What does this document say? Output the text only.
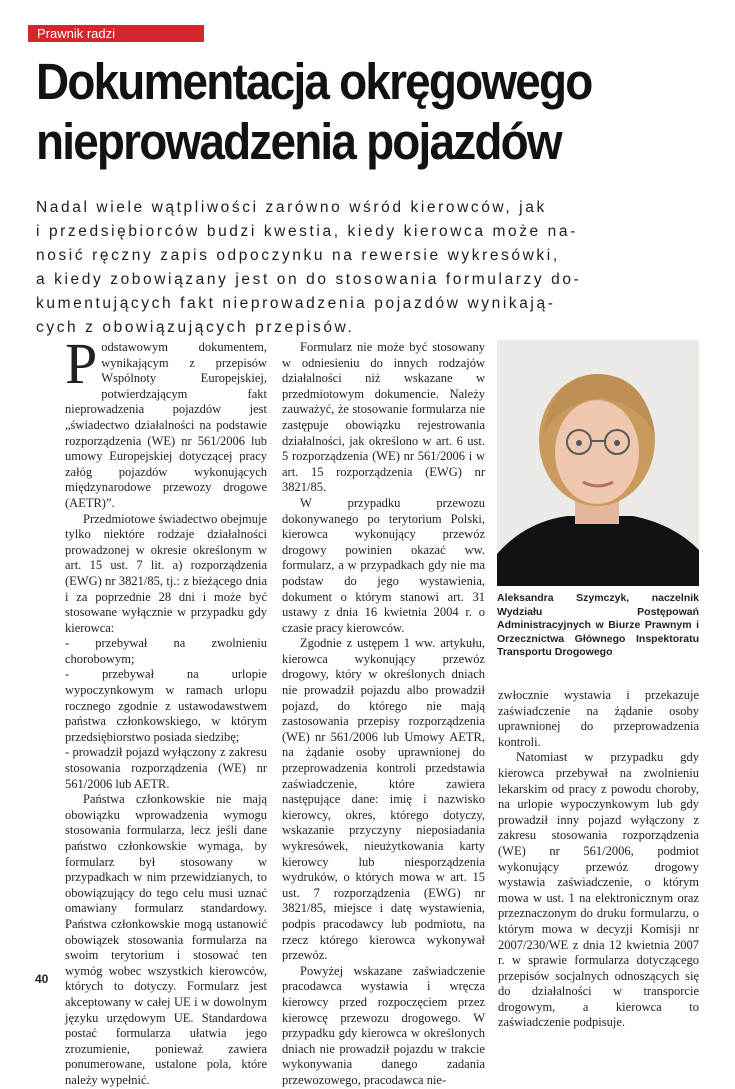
Prawnik radzi
Dokumentacja okręgowego
nieprowadzenia pojazdów
Nadal wiele wątpliwości zarówno wśród kierowców, jak
i przedsiębiorców budzi kwestia, kiedy kierowca może na-
nosić ręczny zapis odpoczynku na rewersie wykresówki,
a kiedy zobowiązany jest on do stosowania formularzy do-
kumentujących fakt nieprowadzenia pojazdów wynikają-
cych z obowiązujących przepisów.

Podstawowym dokumentem, wynikającym z przepisów Wspólnoty Europejskiej, potwierdzającym fakt nieprowadzenia pojazdów jest „świadectwo działalności na podstawie rozporządzenia (WE) nr 561/2006 lub umowy Europejskiej dotyczącej pracy załóg pojazdów wykonujących międzynarodowe przewozy drogowe (AETR)”.

Przedmiotowe świadectwo obejmuje tylko niektóre rodzaje działalności prowadzonej w okresie określonym w art. 15 ust. 7 lit. a) rozporządzenia (EWG) nr 3821/85, tj.: z bieżącego dnia i za poprzednie 28 dni i może być stosowane wyłącznie w przypadku gdy kierowca:

- przebywał na zwolnieniu chorobowym;

- przebywał na urlopie wypoczynkowym w ramach urlopu rocznego zgodnie z ustawodawstwem państwa członkowskiego, w którym przedsiębiorstwo posiada siedzibę;

- prowadził pojazd wyłączony z zakresu stosowania rozporządzenia (WE) nr 561/2006 lub AETR.

Państwa członkowskie nie mają obowiązku wprowadzenia wymogu stosowania formularza, lecz jeśli dane państwo członkowskie wymaga, by formularz był stosowany w przypadkach w nim przewidzianych, to obowiązujący do tego celu musi uznać omawiany formularz standardowy. Państwa członkowskie mogą ustanowić obowiązek stosowania formularza na swoim terytorium i stosować ten wymóg wobec wszystkich kierowców, których to dotyczy. Formularz jest akceptowany w całej UE i w dowolnym języku urzędowym UE. Standardowa postać formularza ułatwia jego zrozumienie, ponieważ zawiera ponumerowane, ustalone pola, które należy wypełnić.

Formularz nie może być stosowany w odniesieniu do innych rodzajów działalności niż wskazane w przedmiotowym dokumencie. Należy zauważyć, że stosowanie formularza nie zastępuje obowiązku rejestrowania działalności, jak określono w art. 6 ust. 5 rozporządzenia (WE) nr 561/2006 i w art. 15 rozporządzenia (EWG) nr 3821/85.

W przypadku przewozu dokonywanego po terytorium Polski, kierowca wykonujący przewóz drogowy powinien okazać ww. formularz, a w przypadkach gdy nie ma podstaw do jego wystawienia, dokument o którym stanowi art. 31 ustawy z dnia 16 kwietnia 2004 r. o czasie pracy kierowców.

Zgodnie z ustępem 1 ww. artykułu, kierowca wykonujący przewóz drogowy, który w określonych dniach nie prowadził pojazdu albo prowadził pojazd, do którego nie mają zastosowania przepisy rozporządzenia (WE) nr 561/2006 lub Umowy AETR, na żądanie osoby uprawnionej do przeprowadzenia kontroli przedstawia zaświadczenie, które zawiera następujące dane: imię i nazwisko kierowcy, okres, którego dotyczy, wskazanie przyczyny nieposiadania wykresówek, nieużytkowania karty kierowcy lub niesporządzenia wydruków, o których mowa w art. 15 ust. 7 rozporządzenia (EWG) nr 3821/85, miejsce i datę wystawienia, podpis pracodawcy lub podmiotu, na rzecz którego kierowca wykonywał przewóz.

Powyżej wskazane zaświadczenie pracodawca wystawia i wręcza kierowcy przed rozpoczęciem przez kierowcę przewozu drogowego. W przypadku gdy kierowca w określonych dniach nie prowadził pojazdu w trakcie wykonywania danego zadania przewozowego, pracodawca nie-

Aleksandra Szymczyk, naczelnik Wydziału Postępowań Administracyjnych w Biurze Prawnym i Orzecznictwa Głównego Inspektoratu Transportu Drogowego

zwłocznie wystawia i przekazuje zaświadczenie na żądanie osoby uprawnionej do przeprowadzenia kontroli.

Natomiast w przypadku gdy kierowca przebywał na zwolnieniu lekarskim od pracy z powodu choroby, na urlopie wypoczynkowym lub gdy prowadził inny pojazd wyłączony z zakresu stosowania rozporządzenia (WE) nr 561/2006, podmiot wykonujący przewóz drogowy wystawia zaświadczenie, o którym mowa w ust. 1 na elektronicznym oraz przeznaczonym do druku formularzu, o którym mowa w decyzji Komisji nr 2007/230/WE z dnia 12 kwietnia 2007 r. w sprawie formularza dotyczącego przepisów socjalnych odnoszących się do działalności w transporcie drogowym, a kierowca to zaświadczenie podpisuje.

40
